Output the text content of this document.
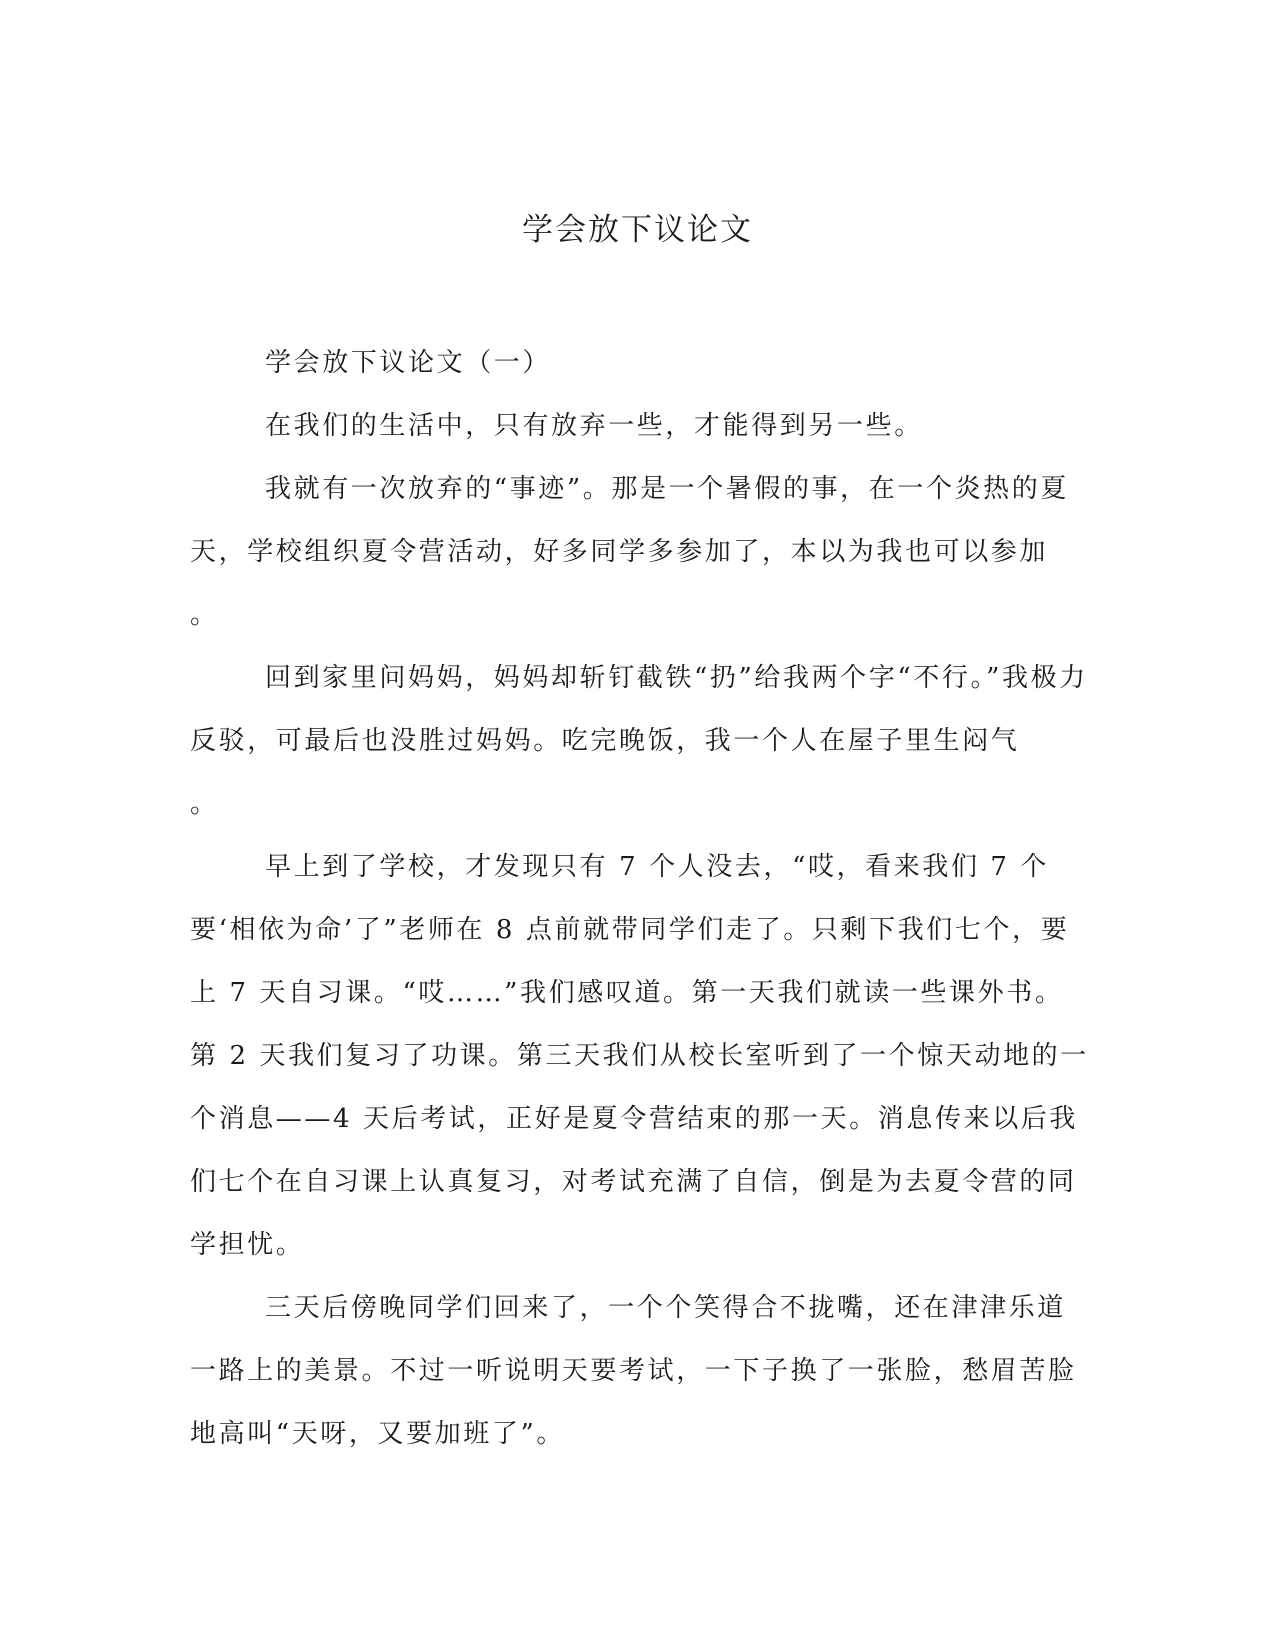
学会放下议论文

学会放下议论文（一）

在我们的生活中，只有放弃一些，才能得到另一些。

我就有一次放弃的“事迹”。那是一个暑假的事，在一个炎热的夏天，学校组织夏令营活动，好多同学多参加了，本以为我也可以参加
。

回到家里问妈妈，妈妈却斩钉截铁“扔”给我两个字“不行。”我极力反驳，可最后也没胜过妈妈。吃完晚饭，我一个人在屋子里生闷气
。

早上到了学校，才发现只有 7 个人没去，“哎，看来我们 7 个要‘相依为命’了”老师在 8 点前就带同学们走了。只剩下我们七个，要上 7 天自习课。“哎……”我们感叹道。第一天我们就读一些课外书。第 2 天我们复习了功课。第三天我们从校长室听到了一个惊天动地的一个消息——4 天后考试，正好是夏令营结束的那一天。消息传来以后我们七个在自习课上认真复习，对考试充满了自信，倒是为去夏令营的同学担忧。

三天后傍晚同学们回来了，一个个笑得合不拢嘴，还在津津乐道一路上的美景。不过一听说明天要考试，一下子换了一张脸，愁眉苦脸地高叫“天呀，又要加班了”。
